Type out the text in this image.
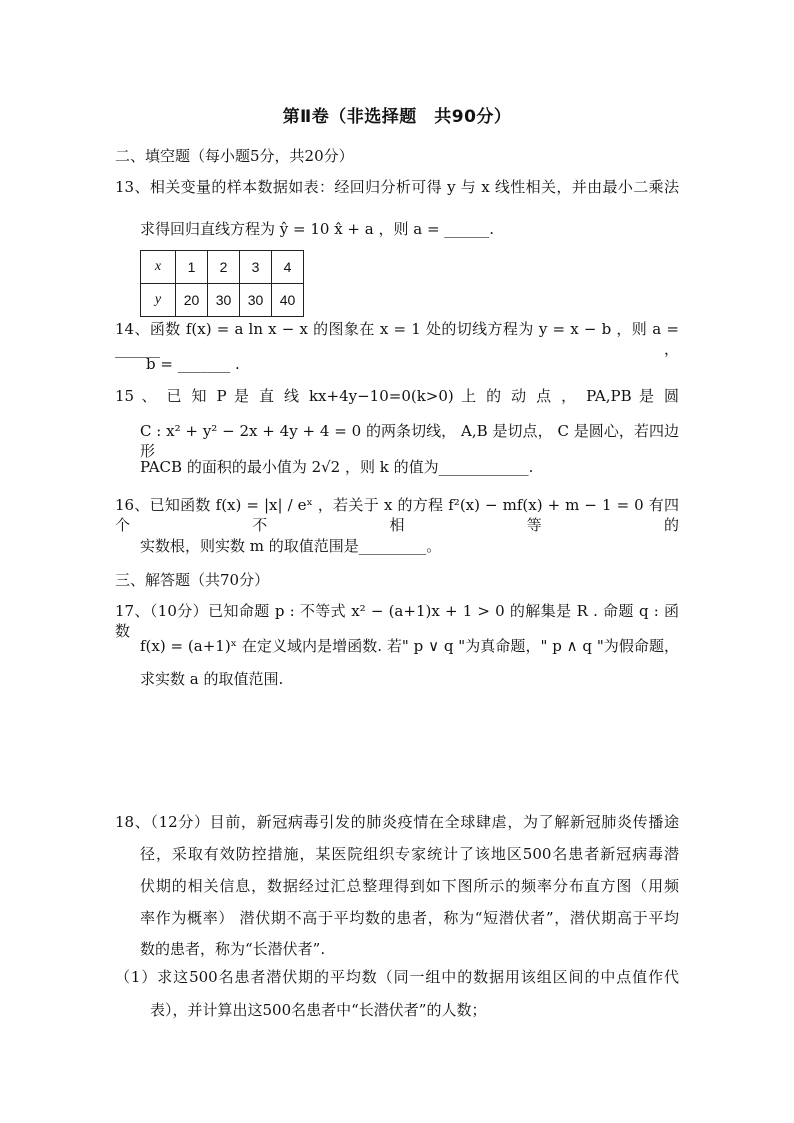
第Ⅱ卷（非选择题　共90分）
二、填空题（每小题5分，共20分）
13、相关变量的样本数据如表：经回归分析可得 y 与 x 线性相关，并由最小二乘法
求得回归直线方程为 ŷ = 10 x̂ + a ，则 a = ______.
x	1	2	3	4
y	20	30	30	40
14、函数 f(x) = a ln x − x 的图象在 x = 1 处的切线方程为 y = x − b ，则 a = ______ ，
b = _______ .
15 、 已 知 P 是 直 线 kx+4y−10=0(k>0) 上 的 动 点 ， PA,PB 是 圆
C : x² + y² − 2x + 4y + 4 = 0 的两条切线， A,B 是切点， C 是圆心，若四边形
PACB 的面积的最小值为 2√2 ，则 k 的值为____________.
16、已知函数 f(x) = |x| / eˣ ，若关于 x 的方程 f²(x) − mf(x) + m − 1 = 0 有四个不相等的
实数根，则实数 m 的取值范围是_________。
三、解答题（共70分）
17、（10分）已知命题 p : 不等式 x² − (a+1)x + 1 > 0 的解集是 R . 命题 q : 函数
f(x) = (a+1)ˣ 在定义域内是增函数. 若" p ∨ q "为真命题，" p ∧ q "为假命题，
求实数 a 的取值范围.
18、（12分）目前，新冠病毒引发的肺炎疫情在全球肆虐，为了解新冠肺炎传播途
径，采取有效防控措施，某医院组织专家统计了该地区500名患者新冠病毒潜
伏期的相关信息，数据经过汇总整理得到如下图所示的频率分布直方图（用频
率作为概率） 潜伏期不高于平均数的患者，称为“短潜伏者”，潜伏期高于平均
数的患者，称为“长潜伏者”.
（1）求这500名患者潜伏期的平均数（同一组中的数据用该组区间的中点值作代
表），并计算出这500名患者中“长潜伏者”的人数；
